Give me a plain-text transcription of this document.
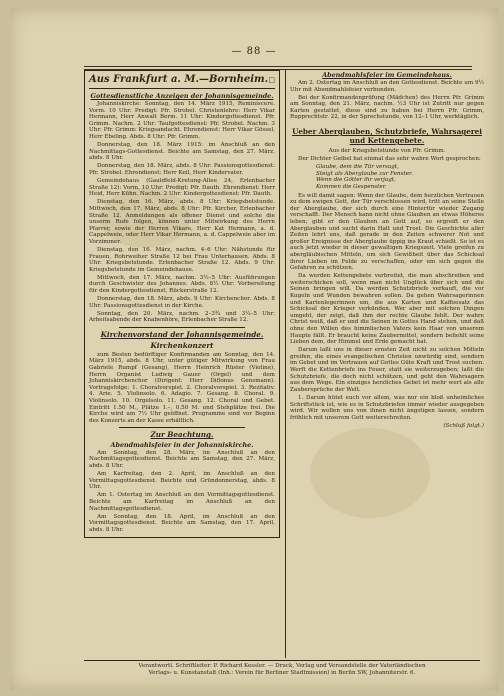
— 88 —
Aus Frankfurt a. M.—Bornheim. □
Gottesdienstliche Anzeigen der Johannisgemeinde.

Johanniskirche: Sonntag, den 14. März 1915, Reminiscere. Vorm. 10 Uhr: Predigt: Pfr. Strobel. Christenlehre: Herr Vikar Hermann, Herr Anwalt Berm. 11 Uhr: Kindergottesdienst. Pfr. Grimm. Nachm. 2 Uhr: Taufgottesdienst: Pfr. Strobel. Nachm. 3 Uhr: Pfr. Grimm: Kriegsandacht. Ehrendienst: Herr Vikar Gössel, Herr Ebeling. Abds. 8 Uhr: Pfr. Grimm.

Donnerstag, den 18. März 1915: im Anschluß an den Nachmittags-Gottesdienst. Beichte am Samstag, den 27. März, abds. 8 Uhr.

Donnerstag, den 18. März, abds. 8 Uhr: Passionsgottesdienst: Pfr. Strobel. Ehrendienst: Herr Keil, Herr Kindervater.

Gemeindehaus (Gauldfeld-Kretung-Allee 24, Erlenbacher Straße 12): Vorm. 10 Uhr: Predigt: Pfr. Dauth. Ehrendienst: Herr Heid, Herr Kühn. Nachm. 2 Uhr: Kindergottesdienst: Pfr. Dauth.

Dienstag, den 16. März, abds. 8 Uhr: Kriegsbetstunde. Mittwoch, den 17. März, abds. 8 Uhr: Pfr. Kircher, Erlenbacher Straße 12. Anmeldungen als offener Dienst und solche die unserm Rufe folgen, können unter Mitwirkung des Herrn Pfarrer, sowie der Herren Vikare, Herr Kat Hermann, a. d. Cappelweie, oder Herr Vikar Hermann, a. d. Cappelweie aber im Vorzimmer.

Dienstag, den 16. März, nachm. 4–6 Uhr: Nähstunde für Frauen, Rohrweiher Straße 12 bei Frau Unterhausen. Abds. 8 Uhr: Kriegsbetstunde. Erlenbacher Straße 12. Abds. 9 Uhr: Kriegsbetstunde im Gemeindehause.

Mittwoch, den 17. März, nachm. 3½–5 Uhr: Ausführungen durch Geschwister des Johannes. Abds. 8½ Uhr: Vorbereitung für den Kindergottesdienst, Rückerstraße 12.

Donnerstag, den 18. März, abds. 9 Uhr: Kirchenchor. Abds. 8 Uhr: Passionsgottesdienst in der Kirche.

Sonntag, den 20. März, nachm. 2–3¾ und 3¼–5 Uhr: Arbeitsabende der Knabenhöre, Erlenbacher Straße 12.

Kirchenvorstand der Johannisgemeinde.
Kirchenkonzert

zum Besten bedürftiger Konfirmanden am Sonntag, den 14. März 1915, abds. 8 Uhr, unter gütiger Mitwirkung von Frau Gabriele Rumpf (Gesang), Herrn Heinrich Rüster (Violine), Herrn Organist Ludwig Gauer (Orgel) und dem Johanniskirchenchor (Dirigent: Herr Diflonus Gensmann). Vortragsfolge: 1. Choralvorspiel. 2. Choralvorspiel. 3. Rezitativ. 4. Arie. 5. Violinsolo. 6. Adagio. 7. Gesang. 8. Choral. 9. Violinsolo. 10. Orgelsolo. 11. Gesang. 12. Choral und Gebet. Eintritt 1.50 M., Plätze 1.–, 0.50 M. und Stehplätze frei. Die Kirche wird um 7½ Uhr geöffnet. Programme sind vor Beginn des Konzerts an der Kasse erhältlich.

Zur Beachtung.
Abendmahlsfeier in der Johanniskirche.

Am Sonntag, den 28. März, im Anschluß an den Nachmittagsgottesdienst. Beichte am Samstag, den 27. März, abds. 8 Uhr.

Am Karfreitag, den 2. April, im Anschluß an den Vormittagsgottesdienst. Beichte und Gründonnerstag, abds. 8 Uhr.

Am 1. Ostertag im Anschluß an den Vormittagsgottesdienst. Beichte am Karfreitag im Anschluß an den Nachmittagsgottesdienst.

Am Sonntag, den 18. April, im Anschluß an den Vormittagsgottesdienst. Beichte am Samstag, den 17. April, abds. 8 Uhr.

Abendmahlsfeier im Gemeindehaus.

Am 2. Ostertag im Anschluß an den Gottesdienst. Beichte um 9½ Uhr mit Abendmahlsfeier verbunden.

Bei der Konfirmandenprüfung (Mädchen) des Herrn Pfr. Grimm am Sonntag, den 21. März, nachm. ½3 Uhr ist Zutritt nur gegen Karten gestattet, diese sind zu haben bei Herrn Pfr. Grimm, Rupprechtstr. 22, in der Sprechstunde, von 12–1 Uhr, werktäglich.

Ueber Aberglauben, Schutzbriefe, Wahrsagerei und Kettengebete.

Aus der Kriegsbetstunde von Pfr. Grimm.

Der Dichter Geibel hat einmal das sehr wahre Wort gesprochen:

Glaube, dem die Tür versagt,
Steigt als Aberglaube zur Fenster.
Wenn die Götter ihr verjagt,
Kommen die Gespenster.

Es will damit sagen: Wenn der Glaube, dem herzlichen Vertrauen zu dem ewigen Gott, der Tür verschlossen wird, tritt an seine Stelle der Aberglaube, der sich durch eine Hintertür wieder Zugang verschafft. Der Mensch kann nicht ohne Glauben an etwas Höheres leben; gibt er den Glauben an Gott auf, so ergreift er den Aberglauben und sucht darin Halt und Trost. Die Geschichte aller Zeiten lehrt uns, daß gerade in den Zeiten schwerer Not und großer Ereignisse der Aberglaube üppig ins Kraut schießt. So ist es auch jetzt wieder in dieser gewaltigen Kriegszeit. Viele greifen zu abergläubischen Mitteln, um sich Gewißheit über das Schicksal ihrer Lieben im Felde zu verschaffen, oder um sich gegen die Gefahren zu schützen.

Da werden Kettengebete verbreitet, die man abschreiben und weiterschicken soll, wenn man nicht Unglück über sich und die Seinen bringen will. Da werden Schutzbriefe verkauft, die vor Kugeln und Wunden bewahren sollen. Da gehen Wahrsagerinnen und Kartenlegerinnen um, die aus Karten und Kaffeesatz das Schicksal der Krieger verkünden. Wer aber mit solchen Dingen umgeht, der zeigt, daß ihm der rechte Glaube fehlt. Der wahre Christ weiß, daß er und die Seinen in Gottes Hand stehen, und daß ohne den Willen des himmlischen Vaters kein Haar von unserem Haupte fällt. Er braucht keine Zaubermittel, sondern befiehlt seine Lieben dem, der Himmel und Erde gemacht hat.

Darum laßt uns in dieser ernsten Zeit nicht zu solchen Mitteln greifen, die eines evangelischen Christen unwürdig sind, sondern im Gebet und im Vertrauen auf Gottes Güte Kraft und Trost suchen. Werft die Kettenbriefe ins Feuer, statt sie weiterzugeben; laßt die Schutzbriefe, die doch nicht schützen, und geht den Wahrsagern aus dem Wege. Ein einziges herzliches Gebet ist mehr wert als alle Zaubersprüche der Welt.

1. Darum hütet euch vor allem, was nur ein bloß unheimliches Schriftstück ist, wie es in Schutzbriefen immer wieder ausgegeben wird. Wir wollen uns von ihnen nicht ängstigen lassen, sondern fröhlich mit unserem Gott weiterschreiten.

(Schluß folgt.)

Verantwortl. Schriftleiter: P. Richard Kessler. — Druck, Verlag und Versandstelle der Vaterländischen
Verlags- u. Kunstanstalt (Inh.: Verein für Berliner Stadtmission) in Berlin SW, Johanniterstr. 6.
